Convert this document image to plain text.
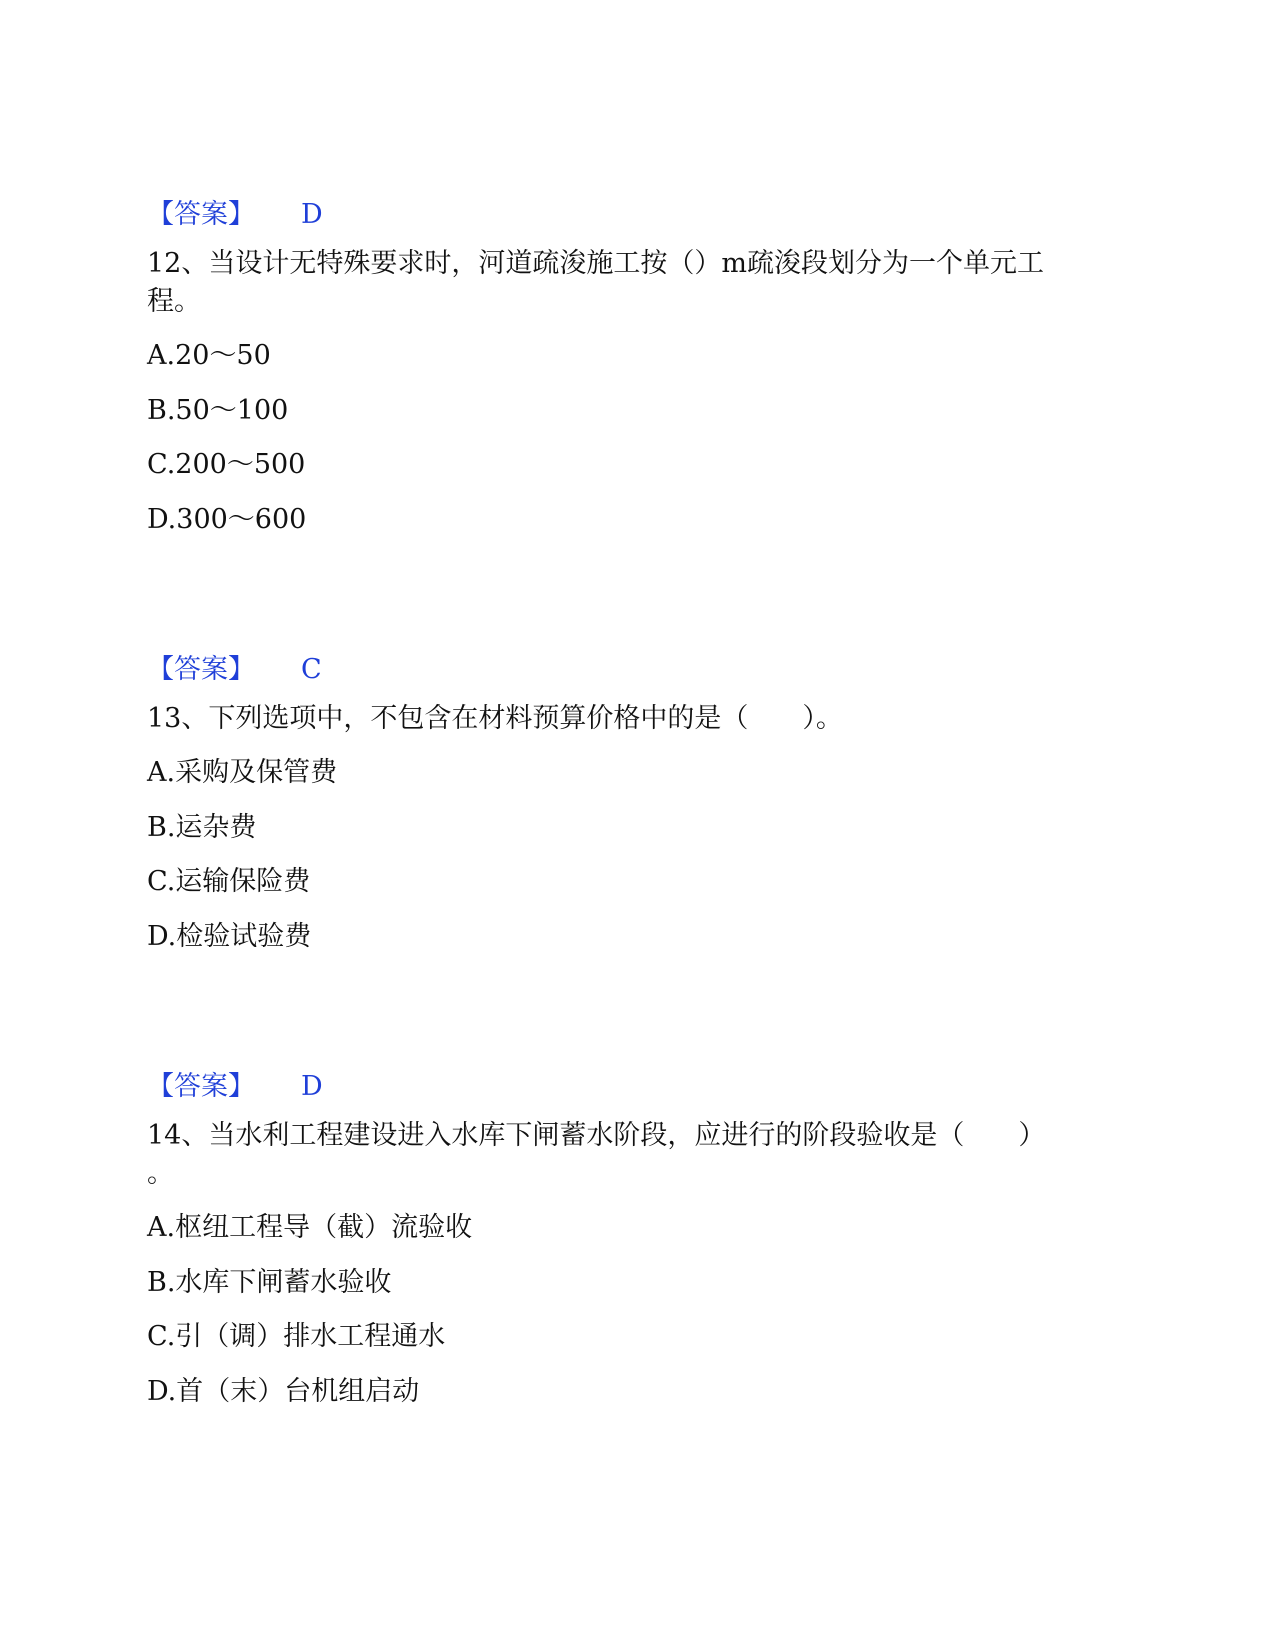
【答案】 D
12、当设计无特殊要求时，河道疏浚施工按（）m疏浚段划分为一个单元工
程。
A.20～50
B.50～100
C.200～500
D.300～600
【答案】 C
13、下列选项中，不包含在材料预算价格中的是（　　）。
A.采购及保管费
B.运杂费
C.运输保险费
D.检验试验费
【答案】 D
14、当水利工程建设进入水库下闸蓄水阶段，应进行的阶段验收是（　　）
。
A.枢纽工程导（截）流验收
B.水库下闸蓄水验收
C.引（调）排水工程通水
D.首（末）台机组启动
